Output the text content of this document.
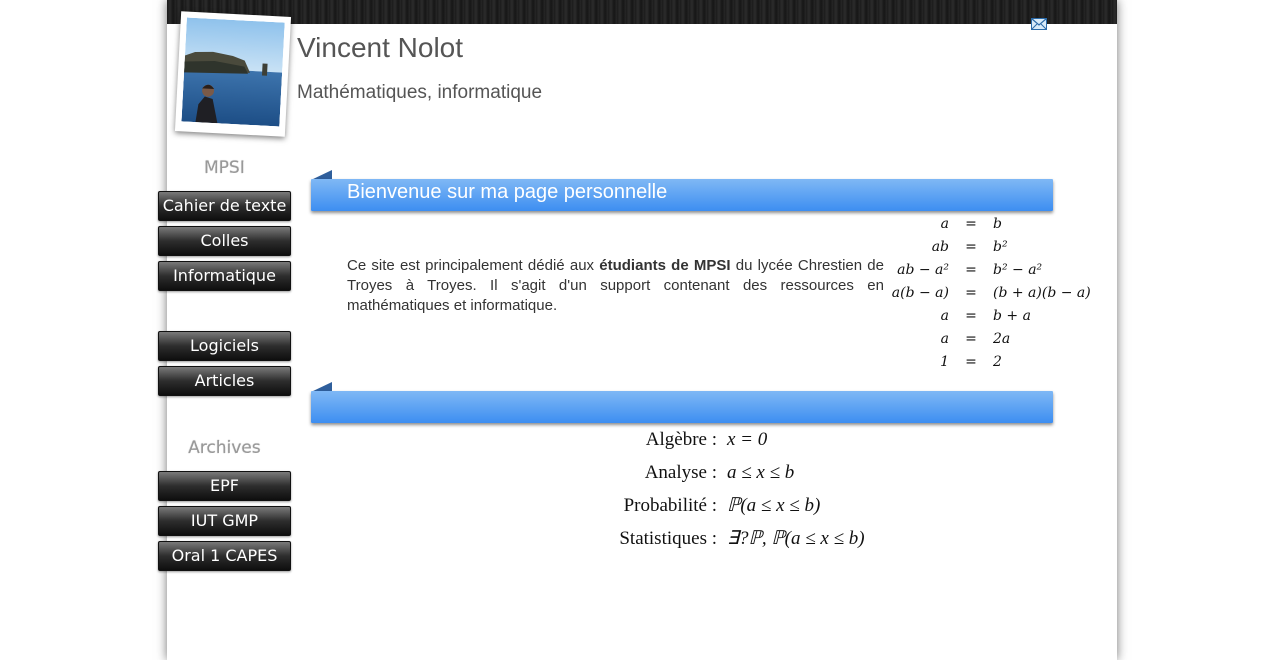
Vincent Nolot
Mathématiques, informatique
MPSI
Cahier de texte
Colles
Informatique
Logiciels
Articles
Archives
EPF
IUT GMP
Oral 1 CAPES
Bienvenue sur ma page personnelle
Ce site est principalement dédié aux étudiants de MPSI du lycée Chrestien de Troyes à Troyes. Il s'agit d'un support contenant des ressources en mathématiques et informatique.
a	=	b
ab	=	b²
ab − a²	=	b² − a²
a(b − a)	=	(b + a)(b − a)
a	=	b + a
a	=	2a
1	=	2
Algèbre : x = 0
Analyse : a ≤ x ≤ b
Probabilité : ℙ(a ≤ x ≤ b)
Statistiques : ∃?ℙ, ℙ(a ≤ x ≤ b)
